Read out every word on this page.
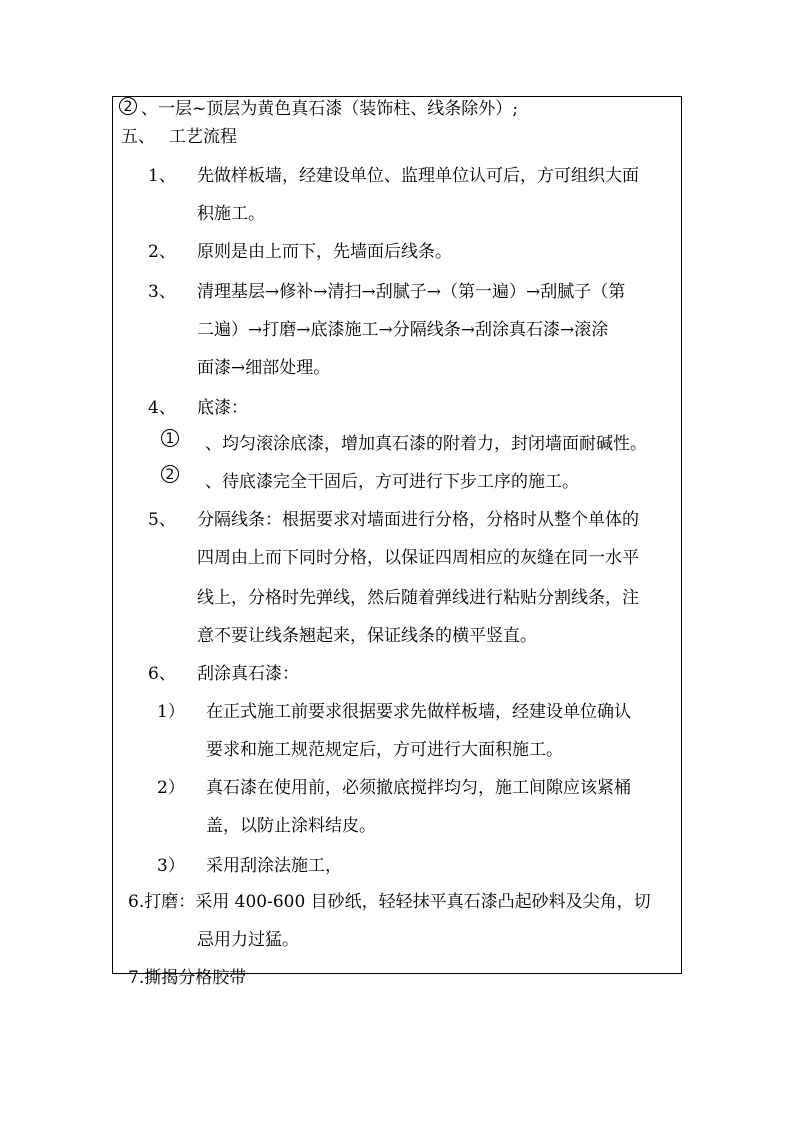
2 、一层~顶层为黄色真石漆（装饰柱、线条除外）;
五、 工艺流程
1、 先做样板墙，经建设单位、监理单位认可后，方可组织大面
积施工。
2、 原则是由上而下，先墙面后线条。
3、 清理基层→修补→清扫→刮腻子→（第一遍）→刮腻子（第
二遍）→打磨→底漆施工→分隔线条→刮涂真石漆→滚涂
面漆→细部处理。
4、 底漆：
1 、均匀滚涂底漆，增加真石漆的附着力，封闭墙面耐碱性。
2 、待底漆完全干固后，方可进行下步工序的施工。
5、 分隔线条：根据要求对墙面进行分格，分格时从整个单体的
四周由上而下同时分格，以保证四周相应的灰缝在同一水平
线上，分格时先弹线，然后随着弹线进行粘贴分割线条，注
意不要让线条翘起来，保证线条的横平竖直。
6、 刮涂真石漆：
1） 在正式施工前要求很据要求先做样板墙，经建设单位确认
要求和施工规范规定后，方可进行大面积施工。
2） 真石漆在使用前，必须撤底搅拌均匀，施工间隙应该紧桶
盖，以防止涂料结皮。
3） 采用刮涂法施工，
6.打磨：采用 400-600 目砂纸，轻轻抹平真石漆凸起砂料及尖角，切
忌用力过猛。
7.撕揭分格胶带
